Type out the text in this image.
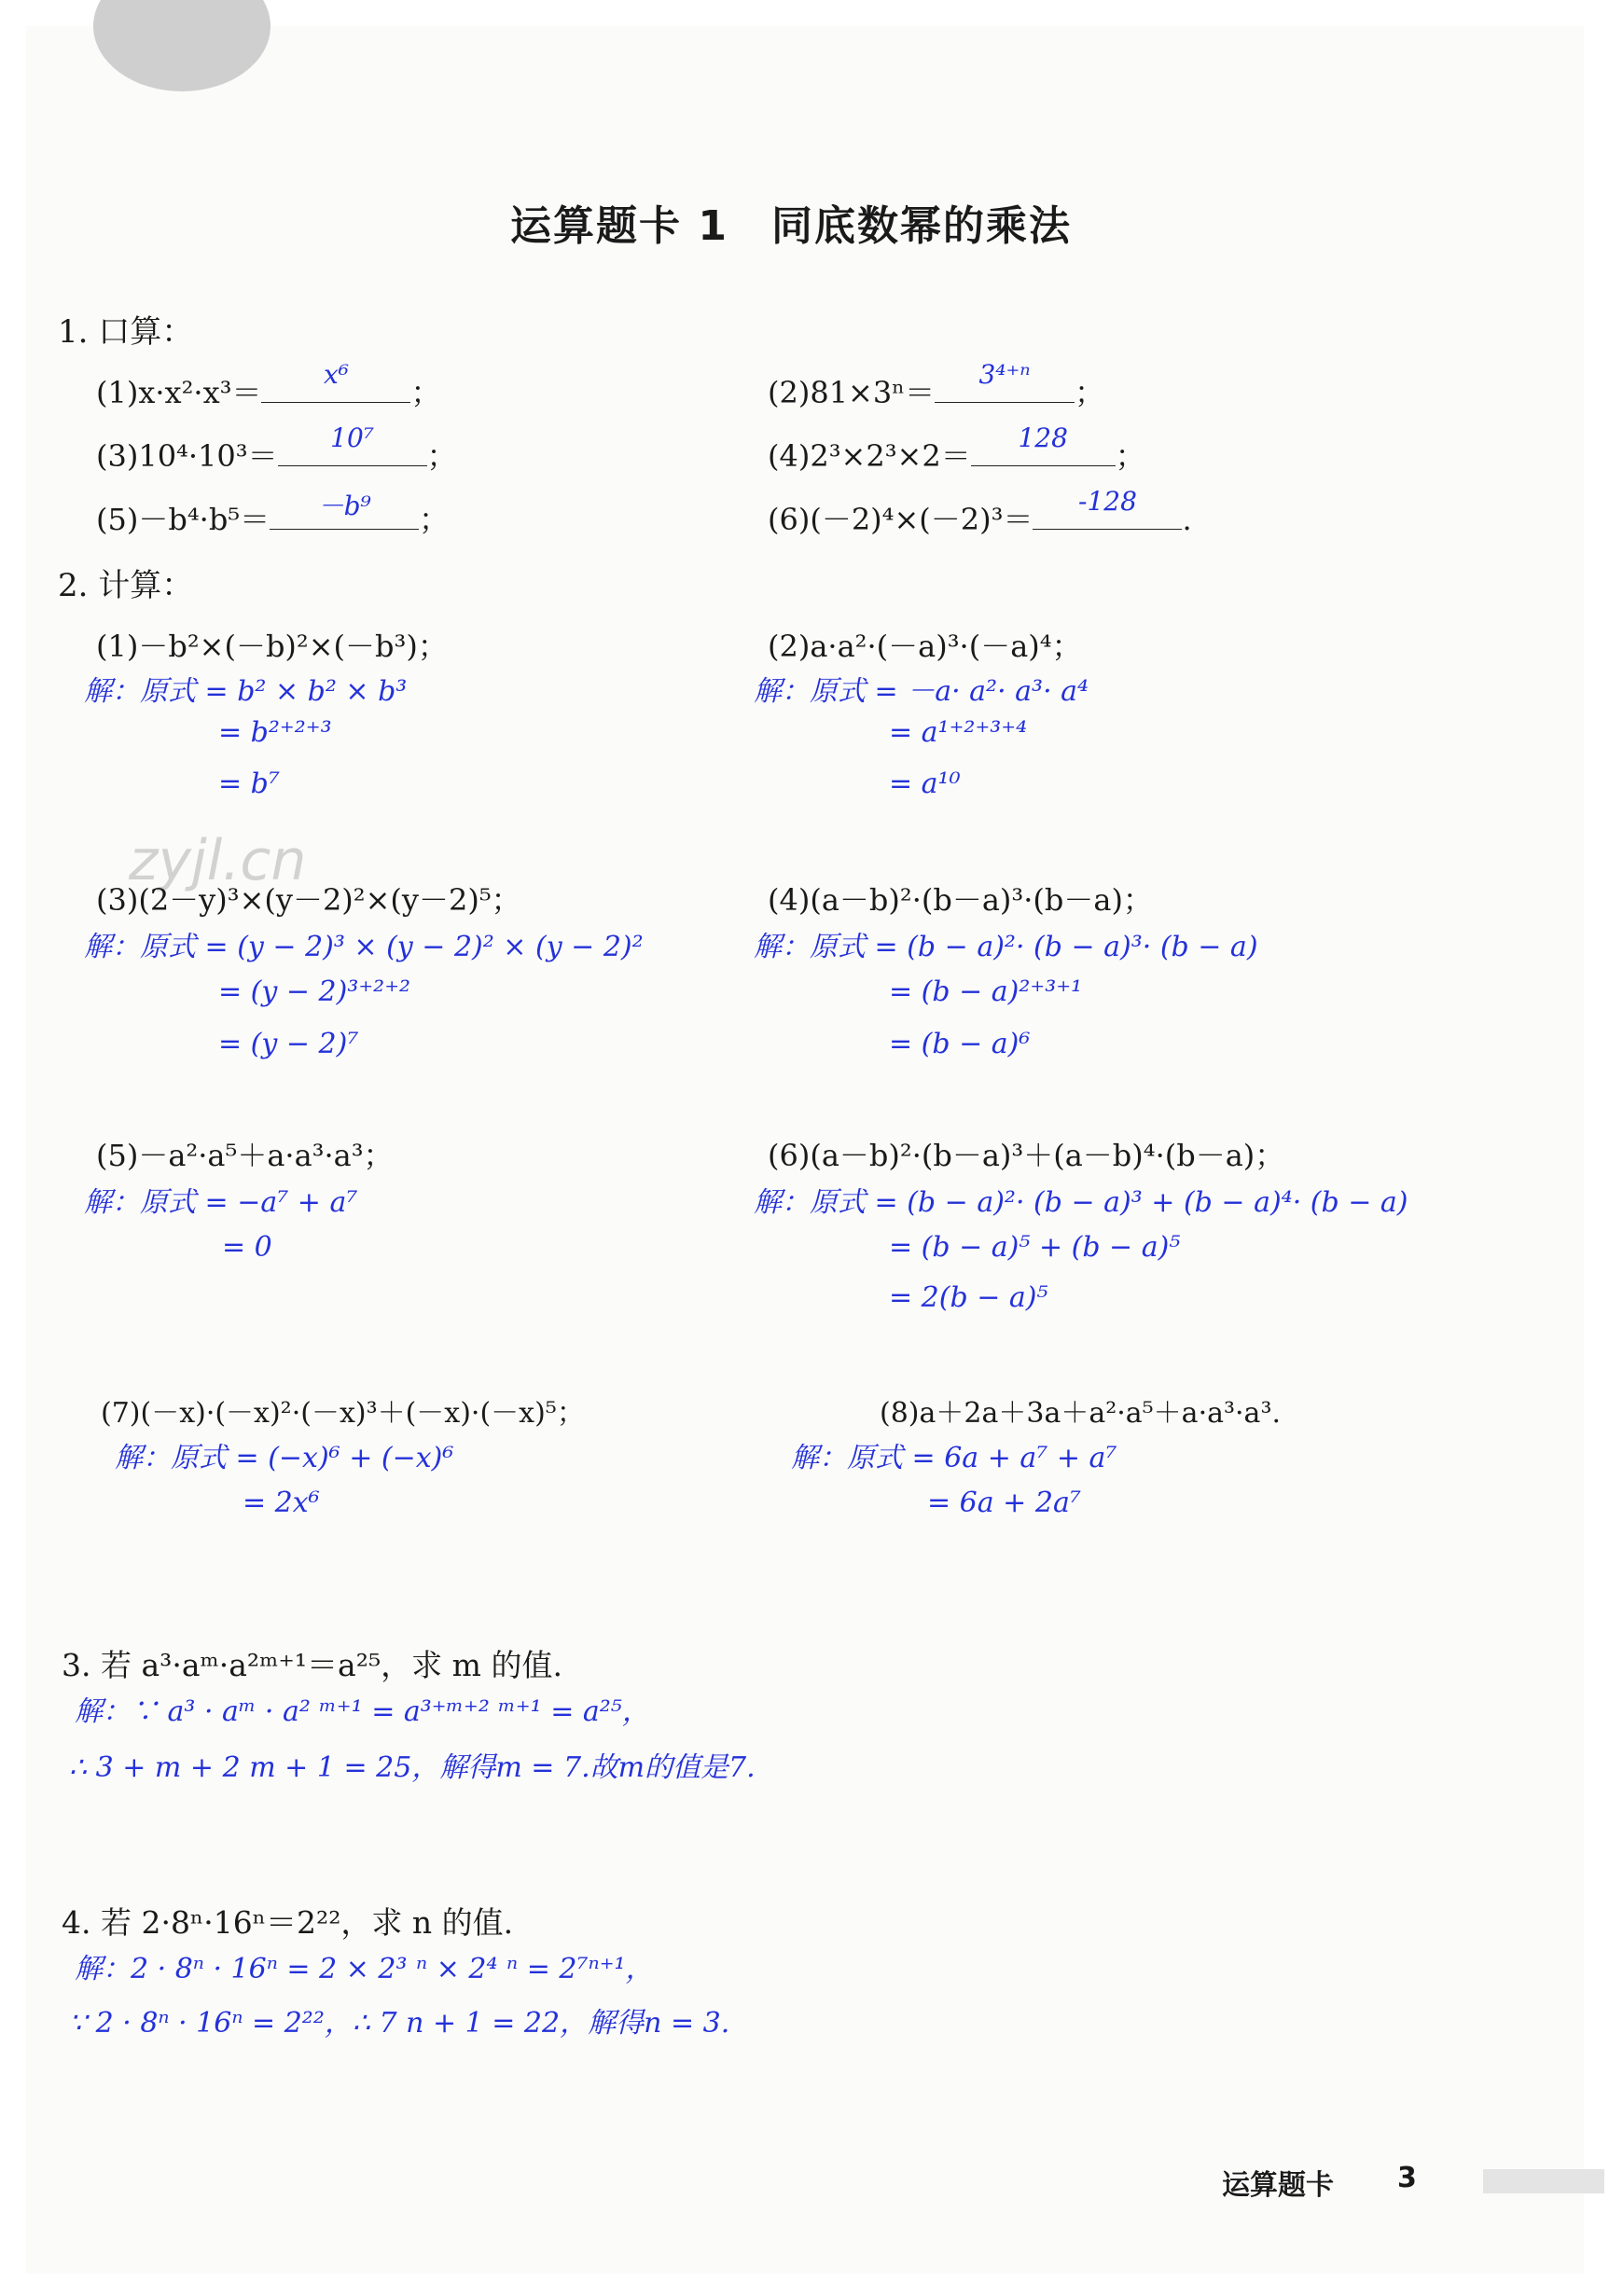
运算题卡 1　同底数幂的乘法
1. 口算：
(1)x·x²·x³＝
x⁶
；	(2)81×3ⁿ＝
3⁴⁺ⁿ
；
(3)10⁴·10³＝
10⁷
；	(4)2³×2³×2＝
128
；
(5)－b⁴·b⁵＝	－b⁹	；	(6)(－2)⁴×(－2)³＝
-128
.
2. 计算：
(1)－b²×(－b)²×(－b³)；
解：原式 = b² × b² × b³
= b²⁺²⁺³
= b⁷
(2)a·a²·(－a)³·(－a)⁴；
解：原式 = －a· a²· a³· a⁴
= a¹⁺²⁺³⁺⁴
= a¹⁰
zyjl.cn
(3)(2－y)³×(y－2)²×(y－2)⁵；
解：原式 = (y − 2)³ × (y − 2)² × (y − 2)²
= (y − 2)³⁺²⁺²
= (y − 2)⁷
(4)(a－b)²·(b－a)³·(b－a)；
解：原式 = (b − a)²· (b − a)³· (b − a)
= (b − a)²⁺³⁺¹
= (b − a)⁶
(5)－a²·a⁵＋a·a³·a³；
解：原式 = −a⁷ + a⁷
= 0
(6)(a－b)²·(b－a)³＋(a－b)⁴·(b－a)；
解：原式 = (b − a)²· (b − a)³ + (b − a)⁴· (b − a)
= (b − a)⁵ + (b − a)⁵
= 2(b − a)⁵
(7)(－x)·(－x)²·(－x)³＋(－x)·(－x)⁵；
解：原式 = (−x)⁶ + (−x)⁶
= 2x⁶
(8)a＋2a＋3a＋a²·a⁵＋a·a³·a³.
解：原式 = 6a + a⁷ + a⁷
= 6a + 2a⁷
3. 若 a³·aᵐ·a²ᵐ⁺¹＝a²⁵，求 m 的值.
解：∵ a³ · aᵐ · a² ᵐ⁺¹ = a³⁺ᵐ⁺² ᵐ⁺¹ = a²⁵，
∴ 3 + m + 2 m + 1 = 25，解得m = 7.故m的值是7.
4. 若 2·8ⁿ·16ⁿ＝2²²，求 n 的值.
解：2 · 8ⁿ · 16ⁿ = 2 × 2³ ⁿ × 2⁴ ⁿ = 2⁷ⁿ⁺¹，
∵ 2 · 8ⁿ · 16ⁿ = 2²²，∴ 7 n + 1 = 22，解得n = 3.
运算题卡 3
